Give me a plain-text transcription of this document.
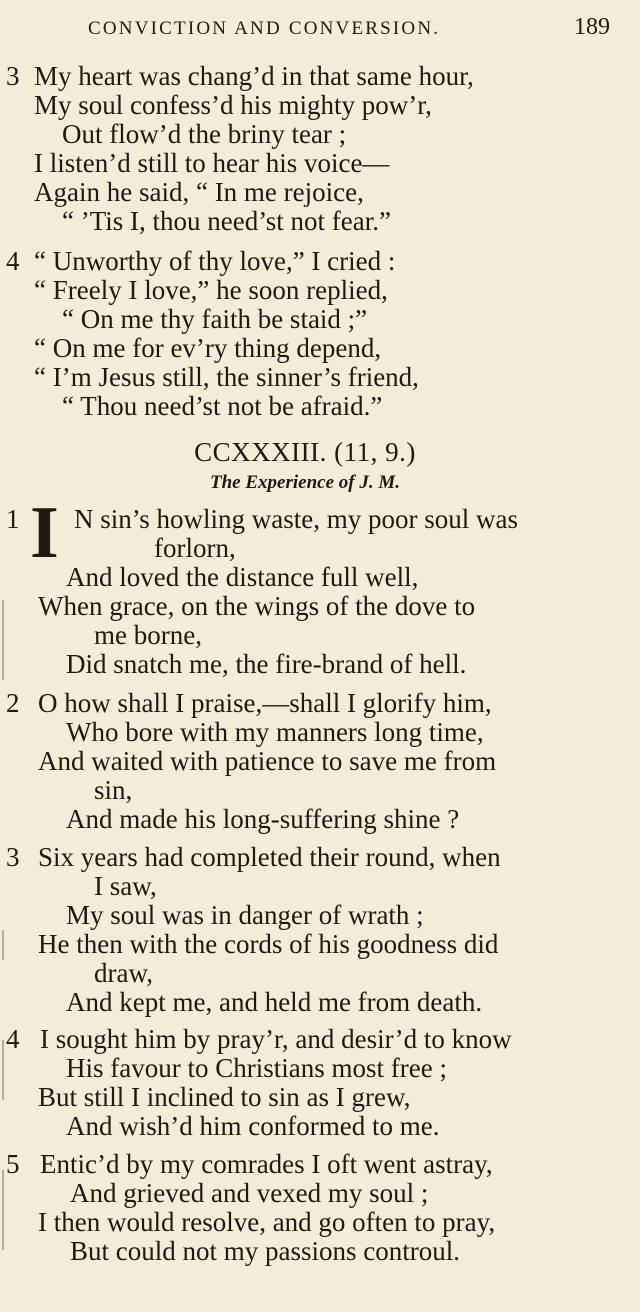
CONVICTION AND CONVERSION.	189
3 My heart was chang’d in that same hour,
My soul confess’d his mighty pow’r,
Out flow’d the briny tear ;
I listen’d still to hear his voice—
Again he said, “ In me rejoice,
“ ’Tis I, thou need’st not fear.”
4 “ Unworthy of thy love,” I cried :
“ Freely I love,” he soon replied,
“ On me thy faith be staid ;”
“ On me for ev’ry thing depend,
“ I’m Jesus still, the sinner’s friend,
“ Thou need’st not be afraid.”
CCXXXIII. (11, 9.)
The Experience of J. M.
1 N sin’s howling waste, my poor soul was
I	forlorn,
And loved the distance full well,
When grace, on the wings of the dove to
me borne,
Did snatch me, the fire-brand of hell.
2 O how shall I praise,—shall I glorify him,
Who bore with my manners long time,
And waited with patience to save me from
sin,
And made his long-suffering shine ?
3 Six years had completed their round, when
I saw,
My soul was in danger of wrath ;
He then with the cords of his goodness did
draw,
And kept me, and held me from death.
4 I sought him by pray’r, and desir’d to know
His favour to Christians most free ;
But still I inclined to sin as I grew,
And wish’d him conformed to me.
5 Entic’d by my comrades I oft went astray,
And grieved and vexed my soul ;
I then would resolve, and go often to pray,
But could not my passions controul.
